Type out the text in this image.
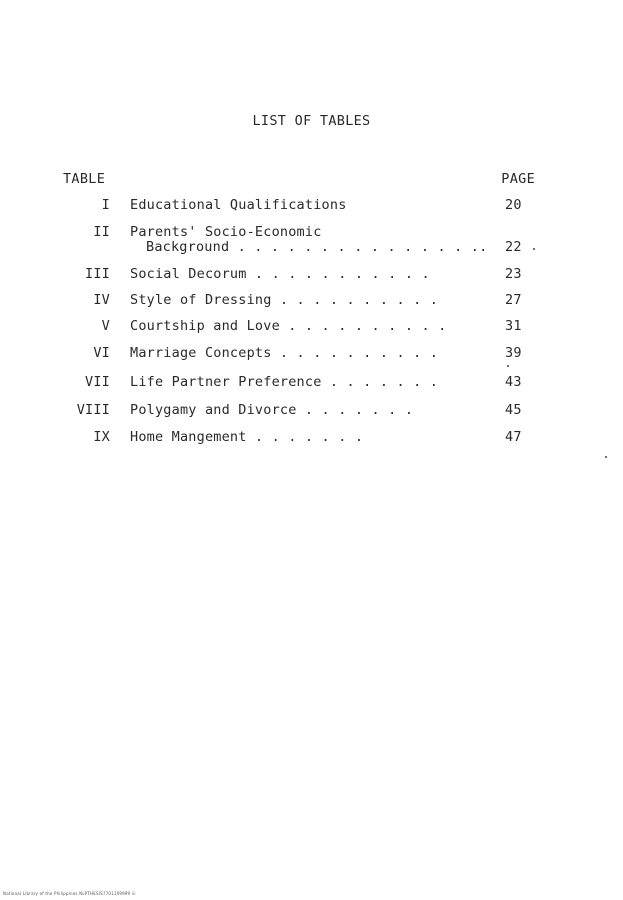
LIST OF TABLES
TABLE	PAGE
I Educational Qualifications	20
II Parents' Socio-Economic
Background . . . . . . . . . . . . . . .. 22
III Social Decorum . . . . . . . . . . .	23
IV Style of Dressing . . . . . . . . . .	27
V Courtship and Love . . . . . . . . . .	31
VI Marriage Concepts . . . . . . . . . .	39
VII Life Partner Preference . . . . . . .	43
VIII Polygamy and Divorce . . . . . . .	45
IX Home Mangement . . . . . . .	47
National Library of the Philippines NLPTHESIS7701109999 iii
